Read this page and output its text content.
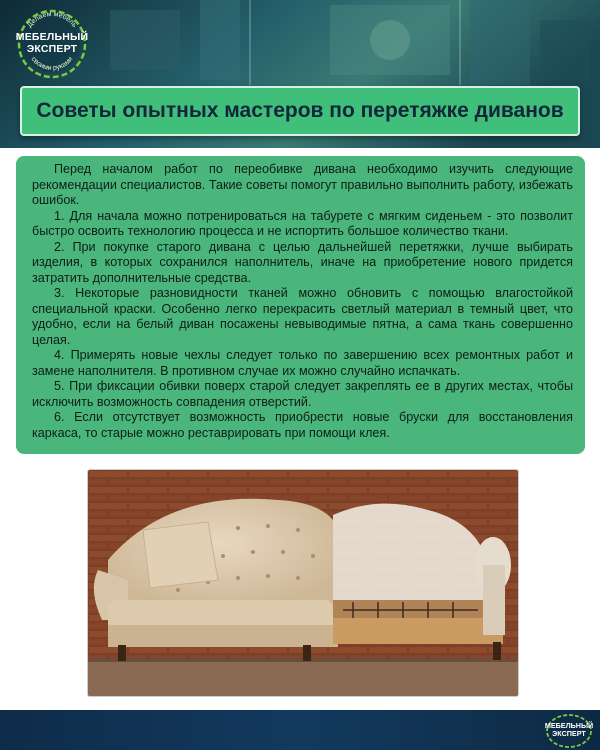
Делаем мебель
своими руками
МЕБЕЛЬНЫЙ
ЭКСПЕРТ
Советы опытных мастеров по перетяжке диванов

Перед началом работ по переобивке дивана необходимо изучить следующие рекомендации специалистов. Такие советы помогут правильно выполнить работу, избежать ошибок.

1. Для начала можно потренироваться на табурете с мягким сиденьем - это позволит быстро освоить технологию процесса и не испортить большое количество ткани.

2. При покупке старого дивана с целью дальнейшей перетяжки, лучше выбирать изделия, в которых сохранился наполнитель, иначе на приобретение нового придется затратить дополнительные средства.

3. Некоторые разновидности тканей можно обновить с помощью влагостойкой специальной краски. Особенно легко перекрасить светлый материал в темный цвет, что удобно, если на белый диван посажены невыводимые пятна, а сама ткань совершенно целая.

4. Примерять новые чехлы следует только по завершению всех ремонтных работ и замене наполнителя. В противном случае их можно случайно испачкать.

5. При фиксации обивки поверх старой следует закреплять ее в других местах, чтобы исключить возможность совпадения отверстий.

6. Если отсутствует возможность приобрести новые бруски для восстановления каркаса, то старые можно реставрировать при помощи клея.

МЕБЕЛЬНЫЙ
ЭКСПЕРТ
